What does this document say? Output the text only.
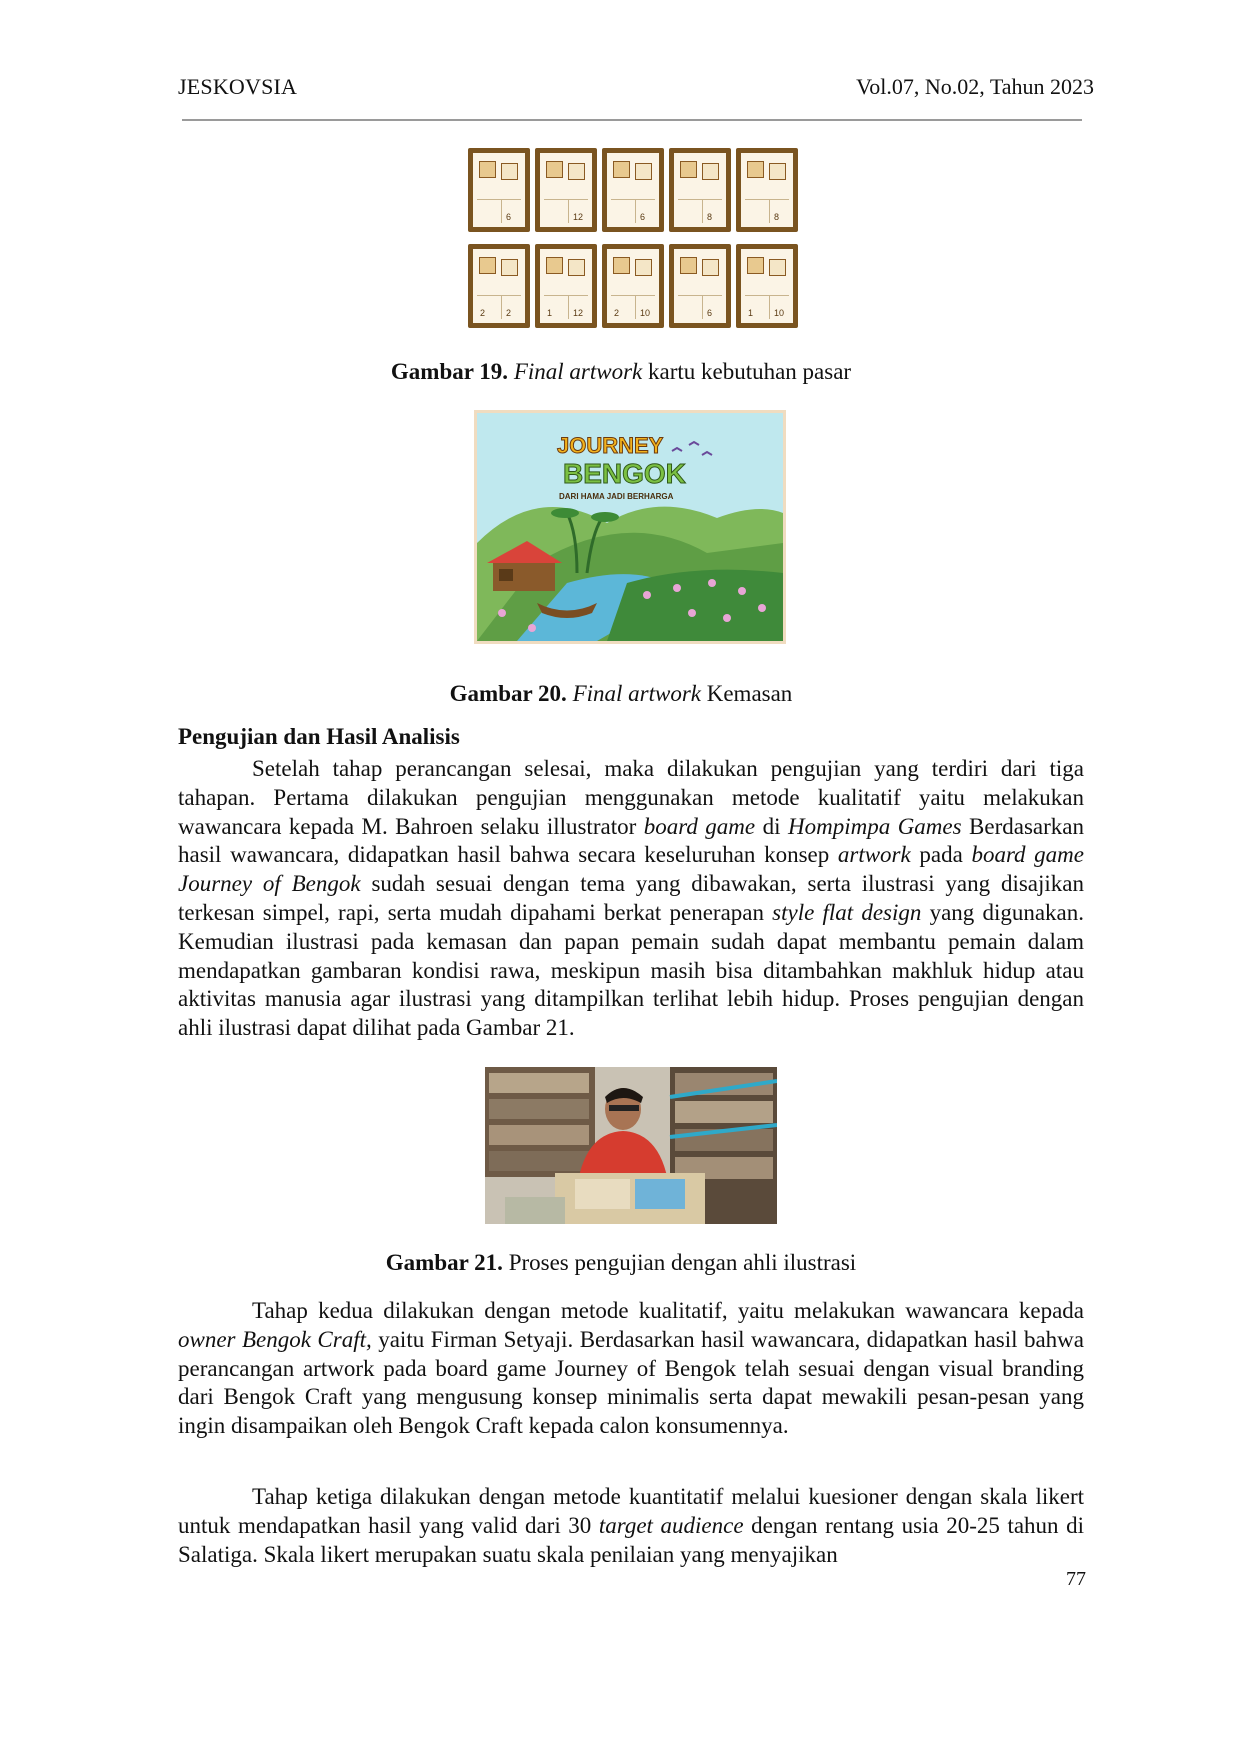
JESKOVSIA	Vol.07, No.02, Tahun 2023
6	12	6	8	8
2 2	1 12	2 10	6	1 10
Gambar 19. Final artwork kartu kebutuhan pasar
JOURNEY
BENGOK
DARI HAMA JADI BERHARGA
Gambar 20. Final artwork Kemasan
Pengujian dan Hasil Analisis

Setelah tahap perancangan selesai, maka dilakukan pengujian yang terdiri dari tiga tahapan. Pertama dilakukan pengujian menggunakan metode kualitatif yaitu melakukan wawancara kepada M. Bahroen selaku illustrator board game di Hompimpa Games Berdasarkan hasil wawancara, didapatkan hasil bahwa secara keseluruhan konsep artwork pada board game Journey of Bengok sudah sesuai dengan tema yang dibawakan, serta ilustrasi yang disajikan terkesan simpel, rapi, serta mudah dipahami berkat penerapan style flat design yang digunakan. Kemudian ilustrasi pada kemasan dan papan pemain sudah dapat membantu pemain dalam mendapatkan gambaran kondisi rawa, meskipun masih bisa ditambahkan makhluk hidup atau aktivitas manusia agar ilustrasi yang ditampilkan terlihat lebih hidup. Proses pengujian dengan ahli ilustrasi dapat dilihat pada Gambar 21.

Gambar 21. Proses pengujian dengan ahli ilustrasi

Tahap kedua dilakukan dengan metode kualitatif, yaitu melakukan wawancara kepada owner Bengok Craft, yaitu Firman Setyaji. Berdasarkan hasil wawancara, didapatkan hasil bahwa perancangan artwork pada board game Journey of Bengok telah sesuai dengan visual branding dari Bengok Craft yang mengusung konsep minimalis serta dapat mewakili pesan-pesan yang ingin disampaikan oleh Bengok Craft kepada calon konsumennya.

Tahap ketiga dilakukan dengan metode kuantitatif melalui kuesioner dengan skala likert untuk mendapatkan hasil yang valid dari 30 target audience dengan rentang usia 20-25 tahun di Salatiga. Skala likert merupakan suatu skala penilaian yang menyajikan

77
